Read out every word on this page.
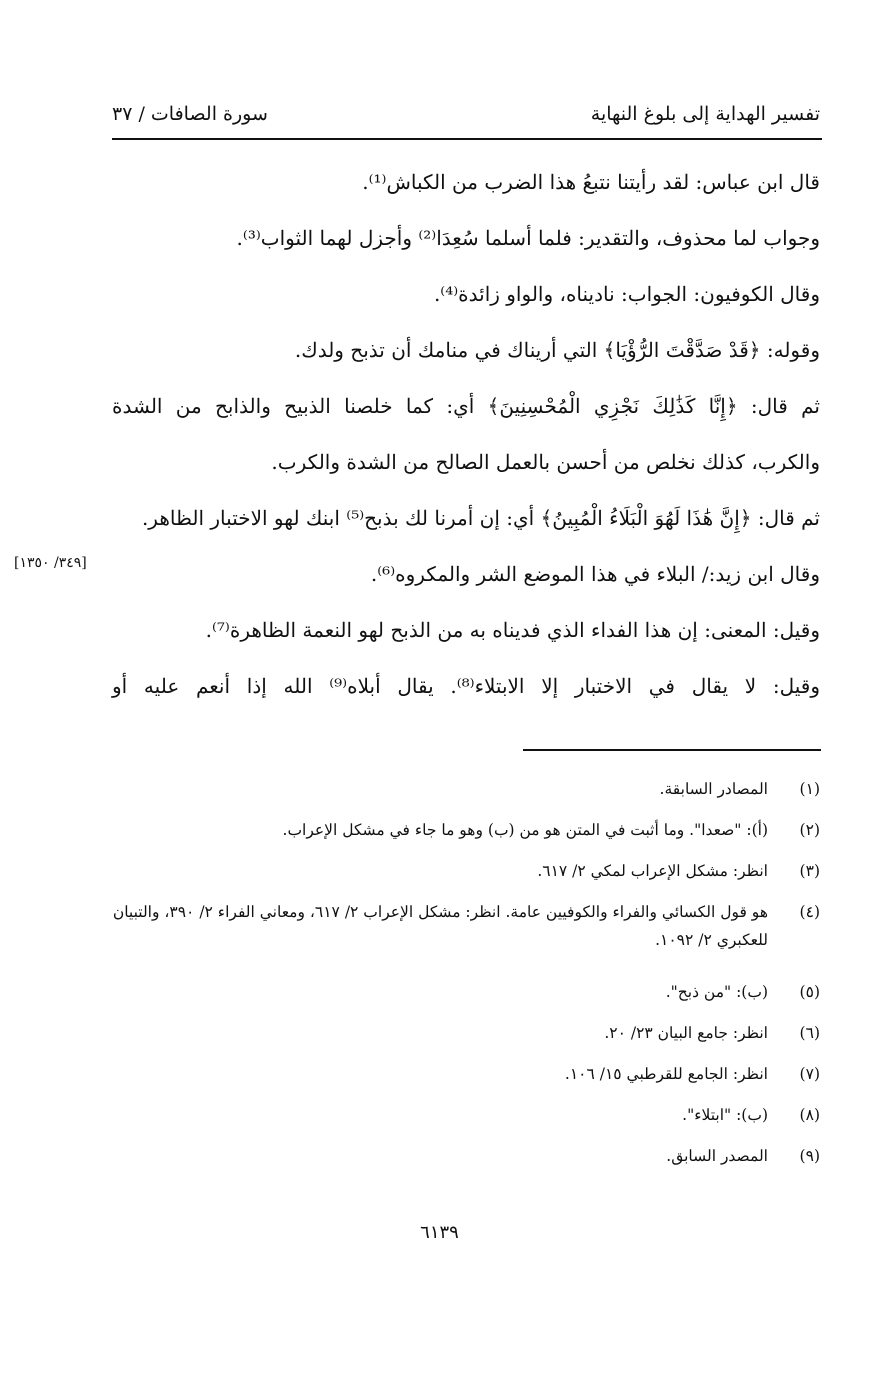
تفسير الهداية إلى بلوغ النهاية
سورة الصافات / ٣٧
قال ابن عباس: لقد رأيتنا نتبعُ هذا الضرب من الكباش⁽¹⁾.
وجواب لما محذوف، والتقدير: فلما أسلما سُعِدَا⁽²⁾ وأجزل لهما الثواب⁽³⁾.
وقال الكوفيون: الجواب: ناديناه، والواو زائدة⁽⁴⁾.
وقوله: ﴿قَدْ صَدَّقْتَ الرُّؤْيَا﴾ التي أريناك في منامك أن تذبح ولدك.
ثم قال: ﴿إِنَّا كَذَٰلِكَ نَجْزِي الْمُحْسِنِينَ﴾ أي: كما خلصنا الذبيح والذابح من الشدة
والكرب، كذلك نخلص من أحسن بالعمل الصالح من الشدة والكرب.
ثم قال: ﴿إِنَّ هَٰذَا لَهُوَ الْبَلَاءُ الْمُبِينُ﴾ أي: إن أمرنا لك بذبح⁽⁵⁾ ابنك لهو الاختبار الظاهر.
وقال ابن زيد:/ البلاء في هذا الموضع الشر والمكروه⁽⁶⁾.
وقيل: المعنى: إن هذا الفداء الذي فديناه به من الذبح لهو النعمة الظاهرة⁽⁷⁾.
وقيل: لا يقال في الاختبار إلا الابتلاء⁽⁸⁾. يقال أبلاه⁽⁹⁾ الله إذا أنعم عليه أو
[٣٤٩/ ١٣٥٠]
(١)
المصادر السابقة.
(٢)
(أ): "صعدا". وما أثبت في المتن هو من (ب) وهو ما جاء في مشكل الإعراب.
(٣)
انظر: مشكل الإعراب لمكي ٢/ ٦١٧.
(٤)
هو قول الكسائي والفراء والكوفيين عامة. انظر: مشكل الإعراب ٢/ ٦١٧، ومعاني الفراء ٢/ ٣٩٠، والتبيان للعكبري ٢/ ١٠٩٢.
(٥)
(ب): "من ذبح".
(٦)
انظر: جامع البيان ٢٣/ ٢٠.
(٧)
انظر: الجامع للقرطبي ١٥/ ١٠٦.
(٨)
(ب): "ابتلاء".
(٩)
المصدر السابق.
٦١٣٩
